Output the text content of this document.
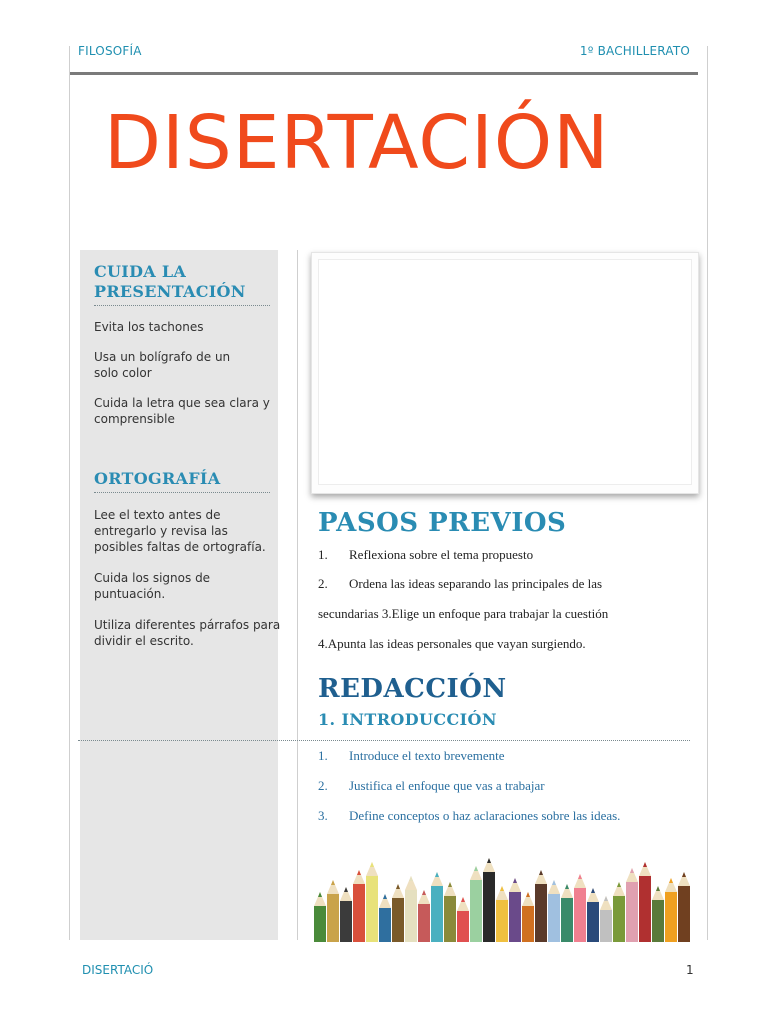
FILOSOFÍA	1º BACHILLERATO
DISERTACIÓN
CUIDA LA
PRESENTACIÓN
Evita los tachones
Usa un bolígrafo de un
solo color
Cuida la letra que sea clara y
comprensible
ORTOGRAFÍA
Lee el texto antes de
entregarlo y revisa las
posibles faltas de ortografía.
Cuida los signos de
puntuación.
Utiliza diferentes párrafos para
dividir el escrito.
PASOS PREVIOS
1. Reflexiona sobre el tema propuesto
2. Ordena las ideas separando las principales de las
secundarias 3.Elige un enfoque para trabajar la cuestión
4.Apunta las ideas personales que vayan surgiendo.
REDACCIÓN
1. INTRODUCCIÓN
1. Introduce el texto brevemente
2. Justifica el enfoque que vas a trabajar
3. Define conceptos o haz aclaraciones sobre las ideas.
DISERTACIÓ	1
